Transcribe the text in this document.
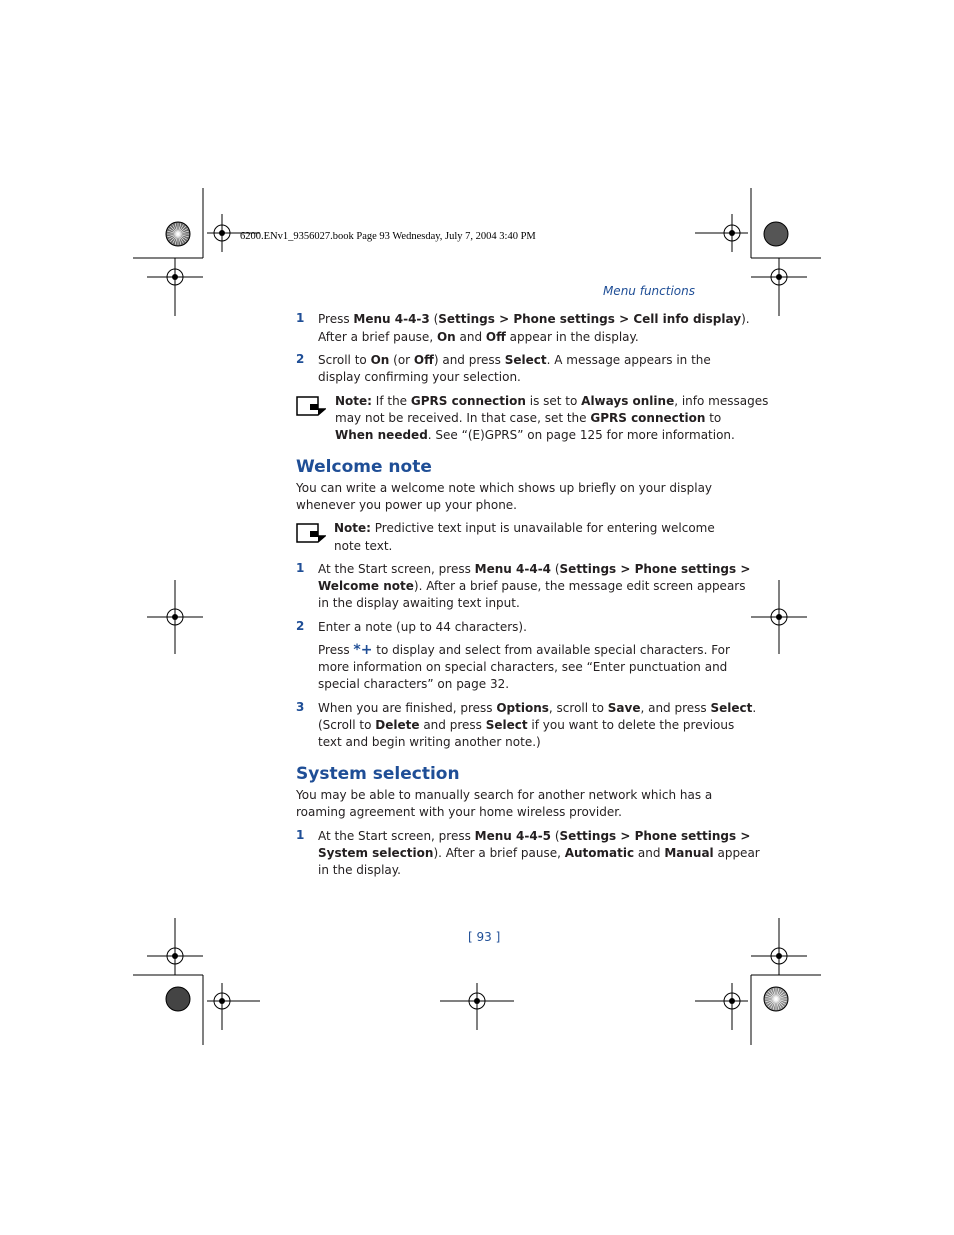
6200.ENv1_9356027.book Page 93 Wednesday, July 7, 2004 3:40 PM
Menu functions
1 Press Menu 4-4-3 (Settings > Phone settings > Cell info display).
After a brief pause, On and Off appear in the display.
2 Scroll to On (or Off) and press Select. A message appears in the
display confirming your selection.
Note: If the GPRS connection is set to Always online, info messages
may not be received. In that case, set the GPRS connection to
When needed. See “(E)GPRS” on page 125 for more information.
Welcome note
You can write a welcome note which shows up briefly on your display
whenever you power up your phone.
Note: Predictive text input is unavailable for entering welcome
note text.
1 At the Start screen, press Menu 4-4-4 (Settings > Phone settings >
Welcome note). After a brief pause, the message edit screen appears
in the display awaiting text input.
2 Enter a note (up to 44 characters).
Press *+ to display and select from available special characters. For
more information on special characters, see “Enter punctuation and
special characters” on page 32.
3 When you are finished, press Options, scroll to Save, and press Select.
(Scroll to Delete and press Select if you want to delete the previous
text and begin writing another note.)
System selection
You may be able to manually search for another network which has a
roaming agreement with your home wireless provider.
1 At the Start screen, press Menu 4-4-5 (Settings > Phone settings >
System selection). After a brief pause, Automatic and Manual appear
in the display.
[ 93 ]
